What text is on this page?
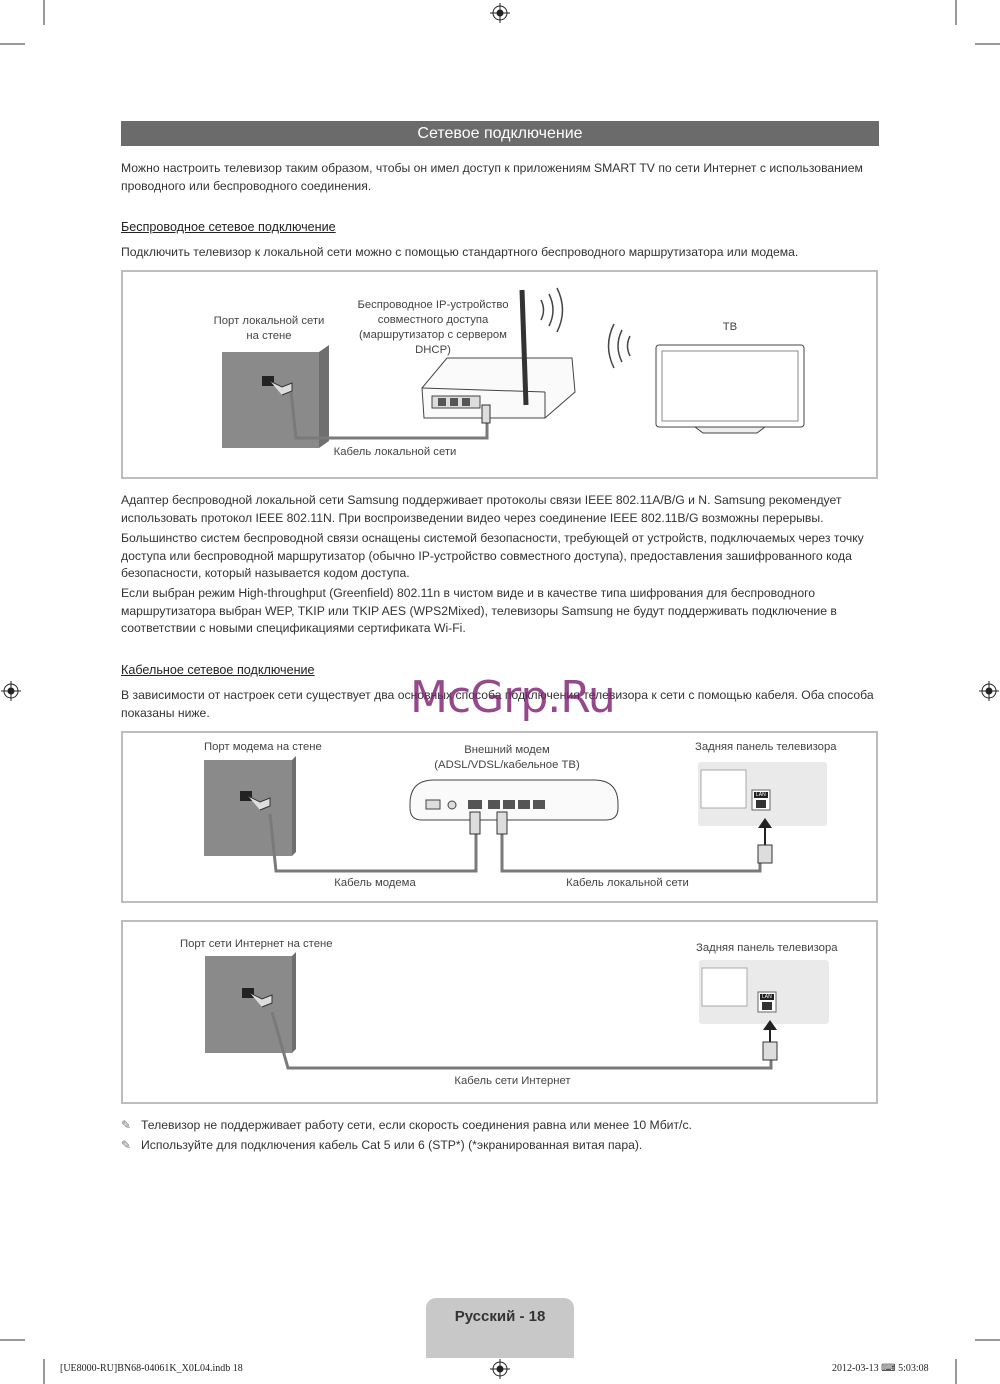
Сетевое подключение
Можно настроить телевизор таким образом, чтобы он имел доступ к приложениям SMART TV по сети Интернет с использованием проводного или беспроводного соединения.
Беспроводное сетевое подключение
Подключить телевизор к локальной сети можно с помощью стандартного беспроводного маршрутизатора или модема.
Порт локальной сети
на стене
Беспроводное IP-устройство
совместного доступа
(маршрутизатор с сервером
DHCP)
ТВ
Кабель локальной сети
Адаптер беспроводной локальной сети Samsung поддерживает протоколы связи IEEE 802.11A/B/G и N. Samsung рекомендует использовать протокол IEEE 802.11N. При воспроизведении видео через соединение IEEE 802.11B/G возможны перерывы.
Большинство систем беспроводной связи оснащены системой безопасности, требующей от устройств, подключаемых через точку доступа или беспроводной маршрутизатор (обычно IP-устройство совместного доступа), предоставления зашифрованного кода безопасности, который называется кодом доступа.
Если выбран режим High-throughput (Greenfield) 802.11n в чистом виде и в качестве типа шифрования для беспроводного маршрутизатора выбран WEP, TKIP или TKIP AES (WPS2Mixed), телевизоры Samsung не будут поддерживать подключение в соответствии с новыми спецификациями сертификата Wi-Fi.
Кабельное сетевое подключение
В зависимости от настроек сети существует два основных способа подключения телевизора к сети с помощью кабеля. Оба способа показаны ниже.
Порт модема на стене	Внешний модем
(ADSL/VDSL/кабельное ТВ)
Задняя панель телевизора
Кабель модема	Кабель локальной сети
LAN
Порт сети Интернет на стене	Задняя панель телевизора
Кабель сети Интернет
LAN
✎ Телевизор не поддерживает работу сети, если скорость соединения равна или менее 10 Мбит/с.
✎ Используйте для подключения кабель Cat 5 или 6 (STP*) (*экранированная витая пара).
Русский - 18
[UE8000-RU]BN68-04061K_X0L04.indb 18	2012-03-13 ⌨ 5:03:08
McGrp.Ru
